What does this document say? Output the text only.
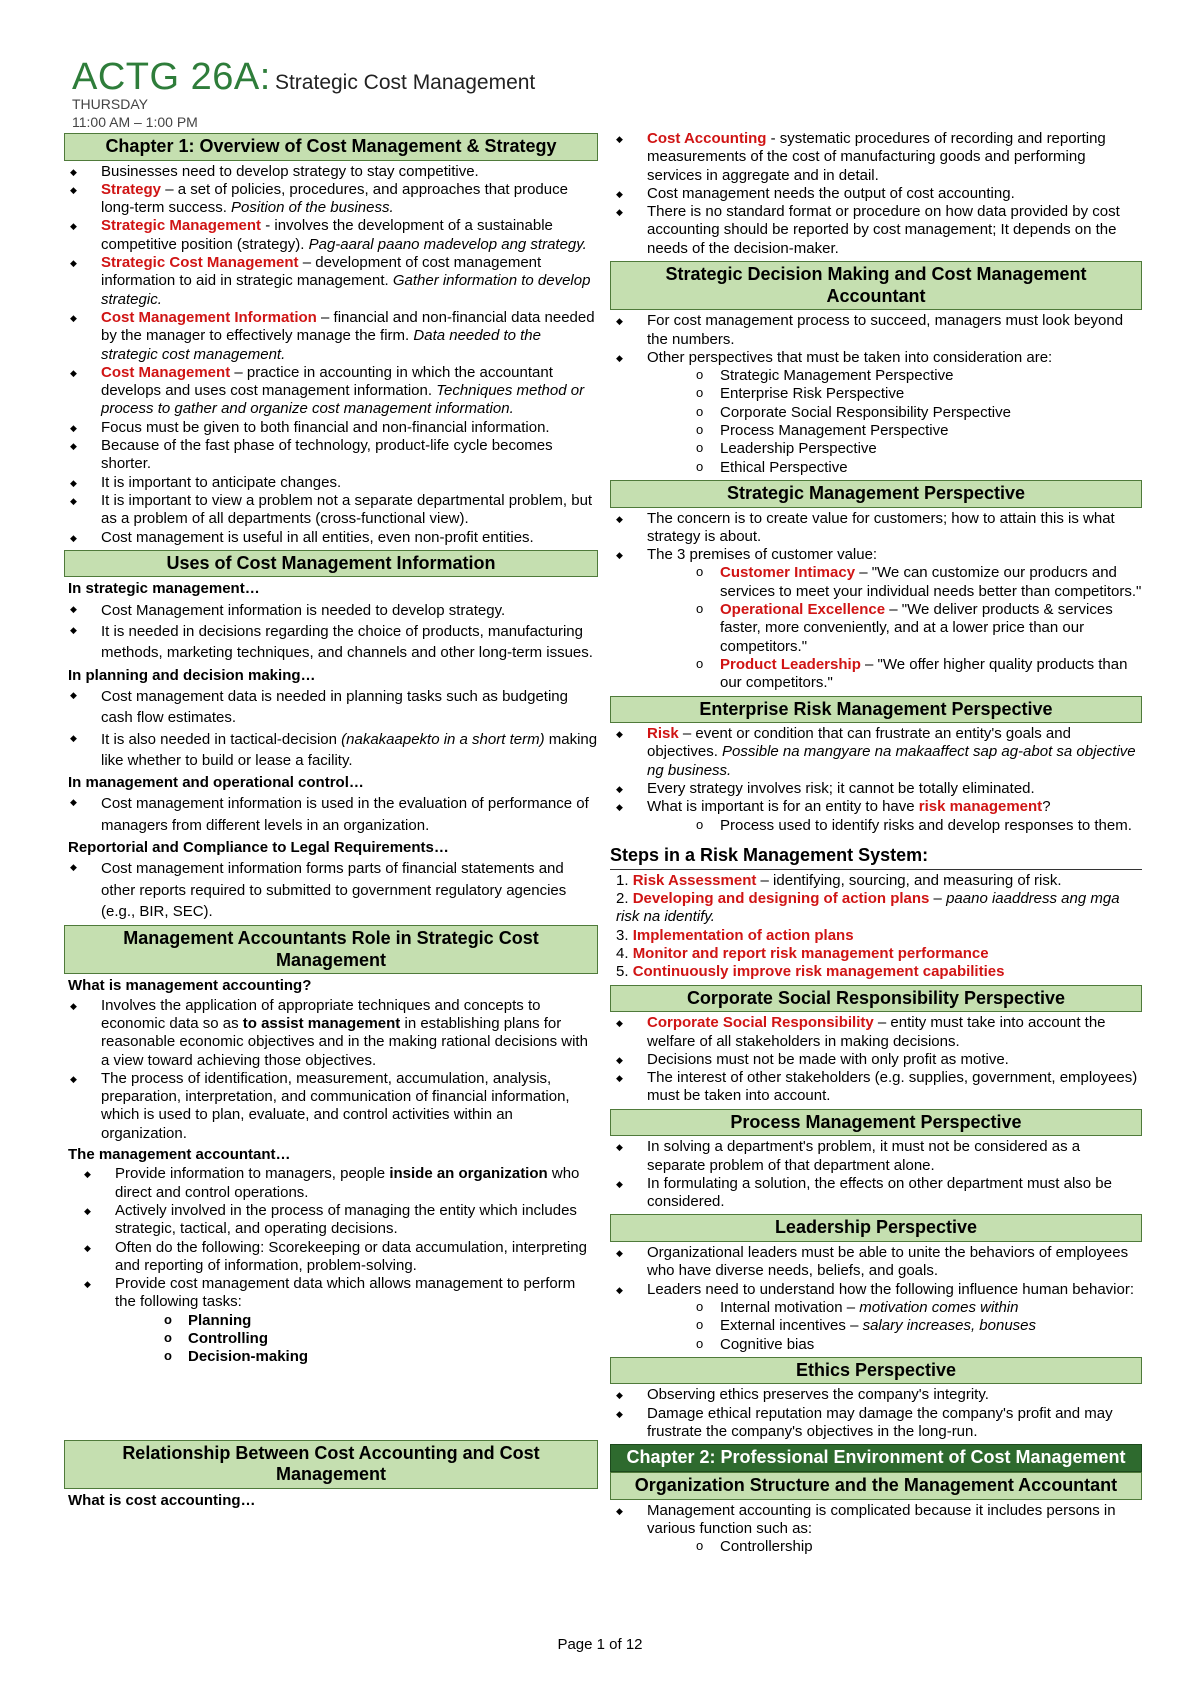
ACTG 26A: Strategic Cost Management
THURSDAY
11:00 AM – 1:00 PM
Chapter 1: Overview of Cost Management & Strategy
◆ Businesses need to develop strategy to stay competitive.
◆ Strategy – a set of policies, procedures, and approaches that produce long-term success. Position of the business.
◆ Strategic Management - involves the development of a sustainable competitive position (strategy). Pag-aaral paano madevelop ang strategy.
◆ Strategic Cost Management – development of cost management information to aid in strategic management. Gather information to develop strategic.
◆ Cost Management Information – financial and non-financial data needed by the manager to effectively manage the firm. Data needed to the strategic cost management.
◆ Cost Management – practice in accounting in which the accountant develops and uses cost management information. Techniques method or process to gather and organize cost management information.
◆ Focus must be given to both financial and non-financial information.
◆ Because of the fast phase of technology, product-life cycle becomes shorter.
◆ It is important to anticipate changes.
◆ It is important to view a problem not a separate departmental problem, but as a problem of all departments (cross-functional view).
◆ Cost management is useful in all entities, even non-profit entities.
Uses of Cost Management Information
In strategic management…
◆ Cost Management information is needed to develop strategy.
◆ It is needed in decisions regarding the choice of products, manufacturing methods, marketing techniques, and channels and other long-term issues.
In planning and decision making…
◆ Cost management data is needed in planning tasks such as budgeting cash flow estimates.
◆ It is also needed in tactical-decision (nakakaapekto in a short term) making like whether to build or lease a facility.
In management and operational control…
◆ Cost management information is used in the evaluation of performance of managers from different levels in an organization.
Reportorial and Compliance to Legal Requirements…
◆ Cost management information forms parts of financial statements and other reports required to submitted to government regulatory agencies (e.g., BIR, SEC).
Management Accountants Role in Strategic Cost Management
What is management accounting?
◆ Involves the application of appropriate techniques and concepts to economic data so as to assist management in establishing plans for reasonable economic objectives and in the making rational decisions with a view toward achieving those objectives.
◆ The process of identification, measurement, accumulation, analysis, preparation, interpretation, and communication of financial information, which is used to plan, evaluate, and control activities within an organization.
The management accountant…
◆ Provide information to managers, people inside an organization who direct and control operations.
◆ Actively involved in the process of managing the entity which includes strategic, tactical, and operating decisions.
◆ Often do the following: Scorekeeping or data accumulation, interpreting and reporting of information, problem-solving.
◆ Provide cost management data which allows management to perform the following tasks:
o Planning
o Controlling
o Decision-making
Relationship Between Cost Accounting and Cost Management
What is cost accounting…
◆ Cost Accounting - systematic procedures of recording and reporting measurements of the cost of manufacturing goods and performing services in aggregate and in detail.
◆ Cost management needs the output of cost accounting.
◆ There is no standard format or procedure on how data provided by cost accounting should be reported by cost management; It depends on the needs of the decision-maker.
Strategic Decision Making and Cost Management Accountant
◆ For cost management process to succeed, managers must look beyond the numbers.
◆ Other perspectives that must be taken into consideration are:
o Strategic Management Perspective
o Enterprise Risk Perspective
o Corporate Social Responsibility Perspective
o Process Management Perspective
o Leadership Perspective
o Ethical Perspective
Strategic Management Perspective
◆ The concern is to create value for customers; how to attain this is what strategy is about.
◆ The 3 premises of customer value:
o Customer Intimacy – "We can customize our producrs and services to meet your individual needs better than competitors."
o Operational Excellence – "We deliver products & services faster, more conveniently, and at a lower price than our competitors."
o Product Leadership – "We offer higher quality products than our competitors."
Enterprise Risk Management Perspective
◆ Risk – event or condition that can frustrate an entity's goals and objectives. Possible na mangyare na makaaffect sap ag-abot sa objective ng business.
◆ Every strategy involves risk; it cannot be totally eliminated.
◆ What is important is for an entity to have risk management?
o Process used to identify risks and develop responses to them.
Steps in a Risk Management System:
1. Risk Assessment – identifying, sourcing, and measuring of risk.
2. Developing and designing of action plans – paano iaaddress ang mga risk na identify.
3. Implementation of action plans
4. Monitor and report risk management performance
5. Continuously improve risk management capabilities
Corporate Social Responsibility Perspective
◆ Corporate Social Responsibility – entity must take into account the welfare of all stakeholders in making decisions.
◆ Decisions must not be made with only profit as motive.
◆ The interest of other stakeholders (e.g. supplies, government, employees) must be taken into account.
Process Management Perspective
◆ In solving a department's problem, it must not be considered as a separate problem of that department alone.
◆ In formulating a solution, the effects on other department must also be considered.
Leadership Perspective
◆ Organizational leaders must be able to unite the behaviors of employees who have diverse needs, beliefs, and goals.
◆ Leaders need to understand how the following influence human behavior:
o Internal motivation – motivation comes within
o External incentives – salary increases, bonuses
o Cognitive bias
Ethics Perspective
◆ Observing ethics preserves the company's integrity.
◆ Damage ethical reputation may damage the company's profit and may frustrate the company's objectives in the long-run.
Chapter 2: Professional Environment of Cost Management
Organization Structure and the Management Accountant
◆ Management accounting is complicated because it includes persons in various function such as:
o Controllership
Page 1 of 12
